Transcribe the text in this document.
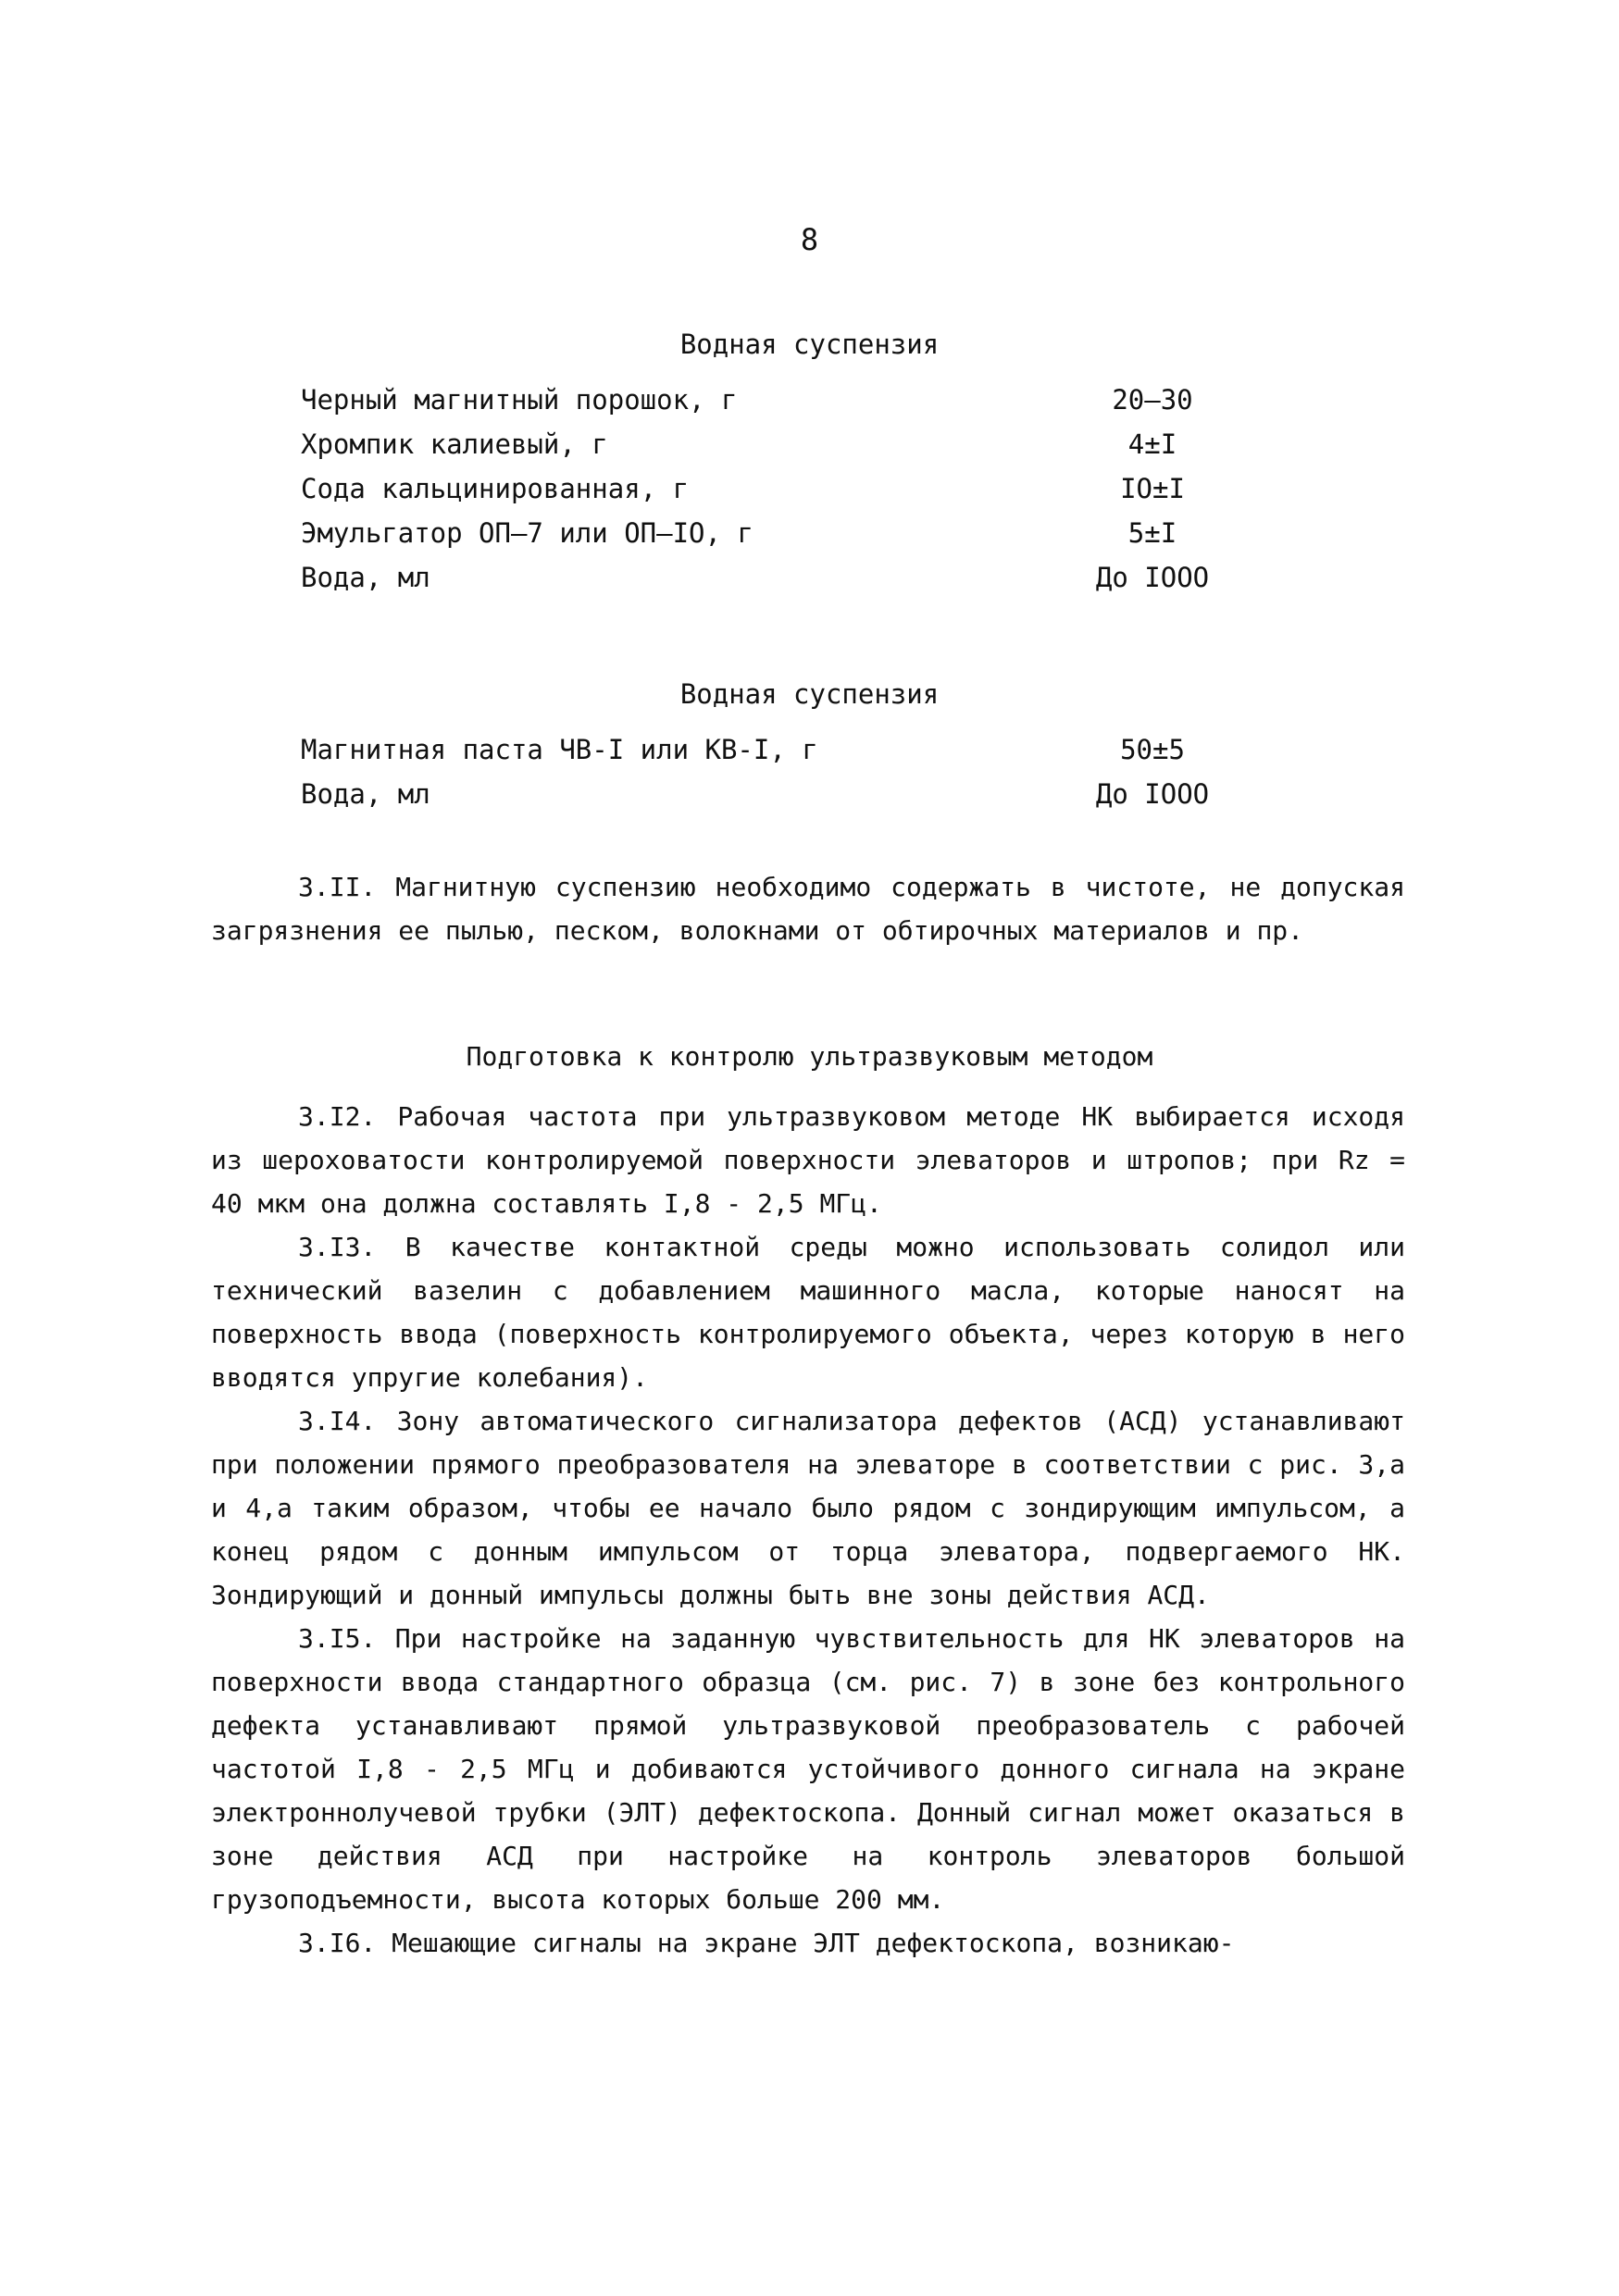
8
Водная суспензия
Черный магнитный порошок, г	20–30
Хромпик калиевый, г	4±I
Сода кальцинированная, г	IO±I
Эмульгатор ОП–7 или ОП–IO, г	5±I
Вода, мл	До IOOO
Водная суспензия
Магнитная паста ЧВ-I или КВ-I, г	50±5
Вода, мл	До IOOO

3.II. Магнитную суспензию необходимо содержать в чистоте, не допуская загрязнения ее пылью, песком, волокнами от обтирочных материалов и пр.

Подготовка к контролю ультразвуковым методом

3.I2. Рабочая частота при ультразвуковом методе НК выбирается исходя из шероховатости контролируемой поверхности элеваторов и штропов; при Rz = 40 мкм она должна составлять I,8 - 2,5 МГц.

3.I3. В качестве контактной среды можно использовать солидол или технический вазелин с добавлением машинного масла, которые наносят на поверхность ввода (поверхность контролируемого объекта, через которую в него вводятся упругие колебания).

3.I4. Зону автоматического сигнализатора дефектов (АСД) устанавливают при положении прямого преобразователя на элеваторе в соответствии с рис. 3,а и 4,а таким образом, чтобы ее начало было рядом с зондирующим импульсом, а конец рядом с донным импульсом от торца элеватора, подвергаемого НК. Зондирующий и донный импульсы должны быть вне зоны действия АСД.

3.I5. При настройке на заданную чувствительность для НК элеваторов на поверхности ввода стандартного образца (см. рис. 7) в зоне без контрольного дефекта устанавливают прямой ультразвуковой преобразователь с рабочей частотой I,8 - 2,5 МГц и добиваются устойчивого донного сигнала на экране электроннолучевой трубки (ЭЛТ) дефектоскопа. Донный сигнал может оказаться в зоне действия АСД при настройке на контроль элеваторов большой грузоподъемности, высота которых больше 200 мм.

3.I6. Мешающие сигналы на экране ЭЛТ дефектоскопа, возникаю-
